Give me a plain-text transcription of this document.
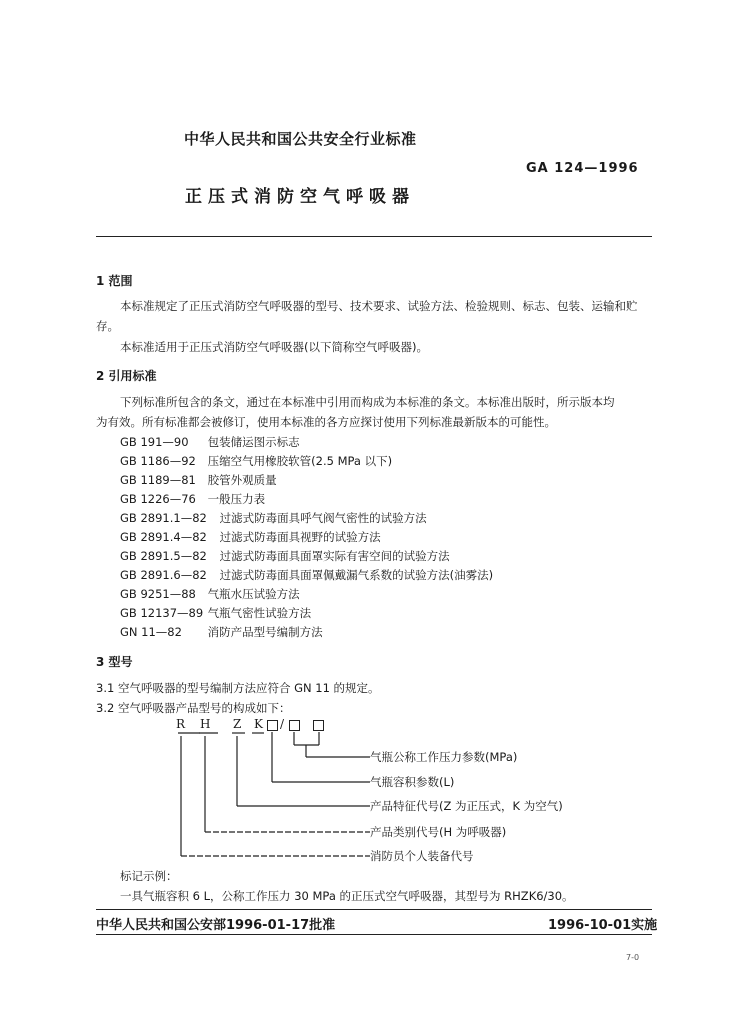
中华人民共和国公共安全行业标准
GA 124—1996
正压式消防空气呼吸器
1 范围
本标准规定了正压式消防空气呼吸器的型号、技术要求、试验方法、检验规则、标志、包装、运输和贮
存。
本标准适用于正压式消防空气呼吸器(以下简称空气呼吸器)。
2 引用标准
下列标准所包含的条文，通过在本标准中引用而构成为本标准的条文。本标准出版时，所示版本均
为有效。所有标准都会被修订，使用本标准的各方应探讨使用下列标准最新版本的可能性。
GB 191—90 包装储运图示标志
GB 1186—92 压缩空气用橡胶软管(2.5 MPa 以下)
GB 1189—81 胶管外观质量
GB 1226—76 一般压力表
GB 2891.1—82 过滤式防毒面具呼气阀气密性的试验方法
GB 2891.4—82 过滤式防毒面具视野的试验方法
GB 2891.5—82 过滤式防毒面具面罩实际有害空间的试验方法
GB 2891.6—82 过滤式防毒面具面罩佩戴漏气系数的试验方法(油雾法)
GB 9251—88 气瓶水压试验方法
GB 12137—89 气瓶气密性试验方法
GN 11—82 消防产品型号编制方法
3 型号
3.1 空气呼吸器的型号编制方法应符合 GN 11 的规定。
3.2 空气呼吸器产品型号的构成如下：
R H Z K /
气瓶公称工作压力参数(MPa)
气瓶容积参数(L)
产品特征代号(Z 为正压式，K 为空气)
产品类别代号(H 为呼吸器)
消防员个人装备代号
标记示例：
一具气瓶容积 6 L，公称工作压力 30 MPa 的正压式空气呼吸器，其型号为 RHZK6/30。
中华人民共和国公安部1996-01-17批准	1996-10-01实施
7-0
